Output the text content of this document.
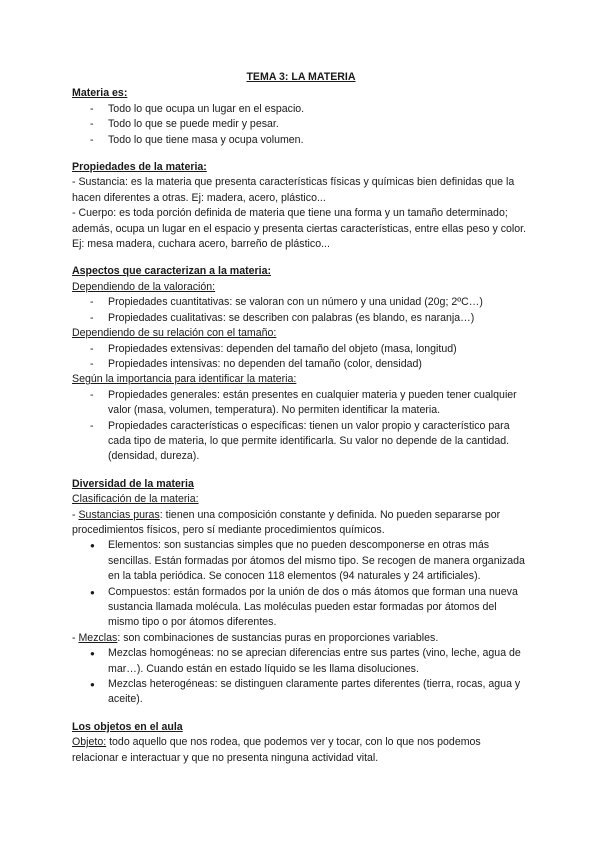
TEMA 3: LA MATERIA

Materia es:

- Todo lo que ocupa un lugar en el espacio.
- Todo lo que se puede medir y pesar.
- Todo lo que tiene masa y ocupa volumen.

Propiedades de la materia:

- Sustancia: es la materia que presenta características físicas y químicas bien definidas que la hacen diferentes a otras. Ej: madera, acero, plástico...

- Cuerpo: es toda porción definida de materia que tiene una forma y un tamaño determinado; además, ocupa un lugar en el espacio y presenta ciertas características, entre ellas peso y color. Ej: mesa madera, cuchara acero, barreño de plástico...

Aspectos que caracterizan a la materia:

Dependiendo de la valoración:

- Propiedades cuantitativas: se valoran con un número y una unidad (20g; 2ºC…)
- Propiedades cualitativas: se describen con palabras (es blando, es naranja…)

Dependiendo de su relación con el tamaño:

- Propiedades extensivas: dependen del tamaño del objeto (masa, longitud)
- Propiedades intensivas: no dependen del tamaño (color, densidad)

Según la importancia para identificar la materia:

- Propiedades generales: están presentes en cualquier materia y pueden tener cualquier valor (masa, volumen, temperatura). No permiten identificar la materia.
- Propiedades características o específicas: tienen un valor propio y característico para cada tipo de materia, lo que permite identificarla. Su valor no depende de la cantidad. (densidad, dureza).

Diversidad de la materia

Clasificación de la materia:

- Sustancias puras: tienen una composición constante y definida. No pueden separarse por procedimientos físicos, pero sí mediante procedimientos químicos.

● Elementos: son sustancias simples que no pueden descomponerse en otras más sencillas. Están formadas por átomos del mismo tipo. Se recogen de manera organizada en la tabla periódica. Se conocen 118 elementos (94 naturales y 24 artificiales).
● Compuestos: están formados por la unión de dos o más átomos que forman una nueva sustancia llamada molécula. Las moléculas pueden estar formadas por átomos del mismo tipo o por átomos diferentes.

- Mezclas: son combinaciones de sustancias puras en proporciones variables.

● Mezclas homogéneas: no se aprecian diferencias entre sus partes (vino, leche, agua de mar…). Cuando están en estado líquido se les llama disoluciones.
● Mezclas heterogéneas: se distinguen claramente partes diferentes (tierra, rocas, agua y aceite).

Los objetos en el aula

Objeto: todo aquello que nos rodea, que podemos ver y tocar, con lo que nos podemos relacionar e interactuar y que no presenta ninguna actividad vital.
